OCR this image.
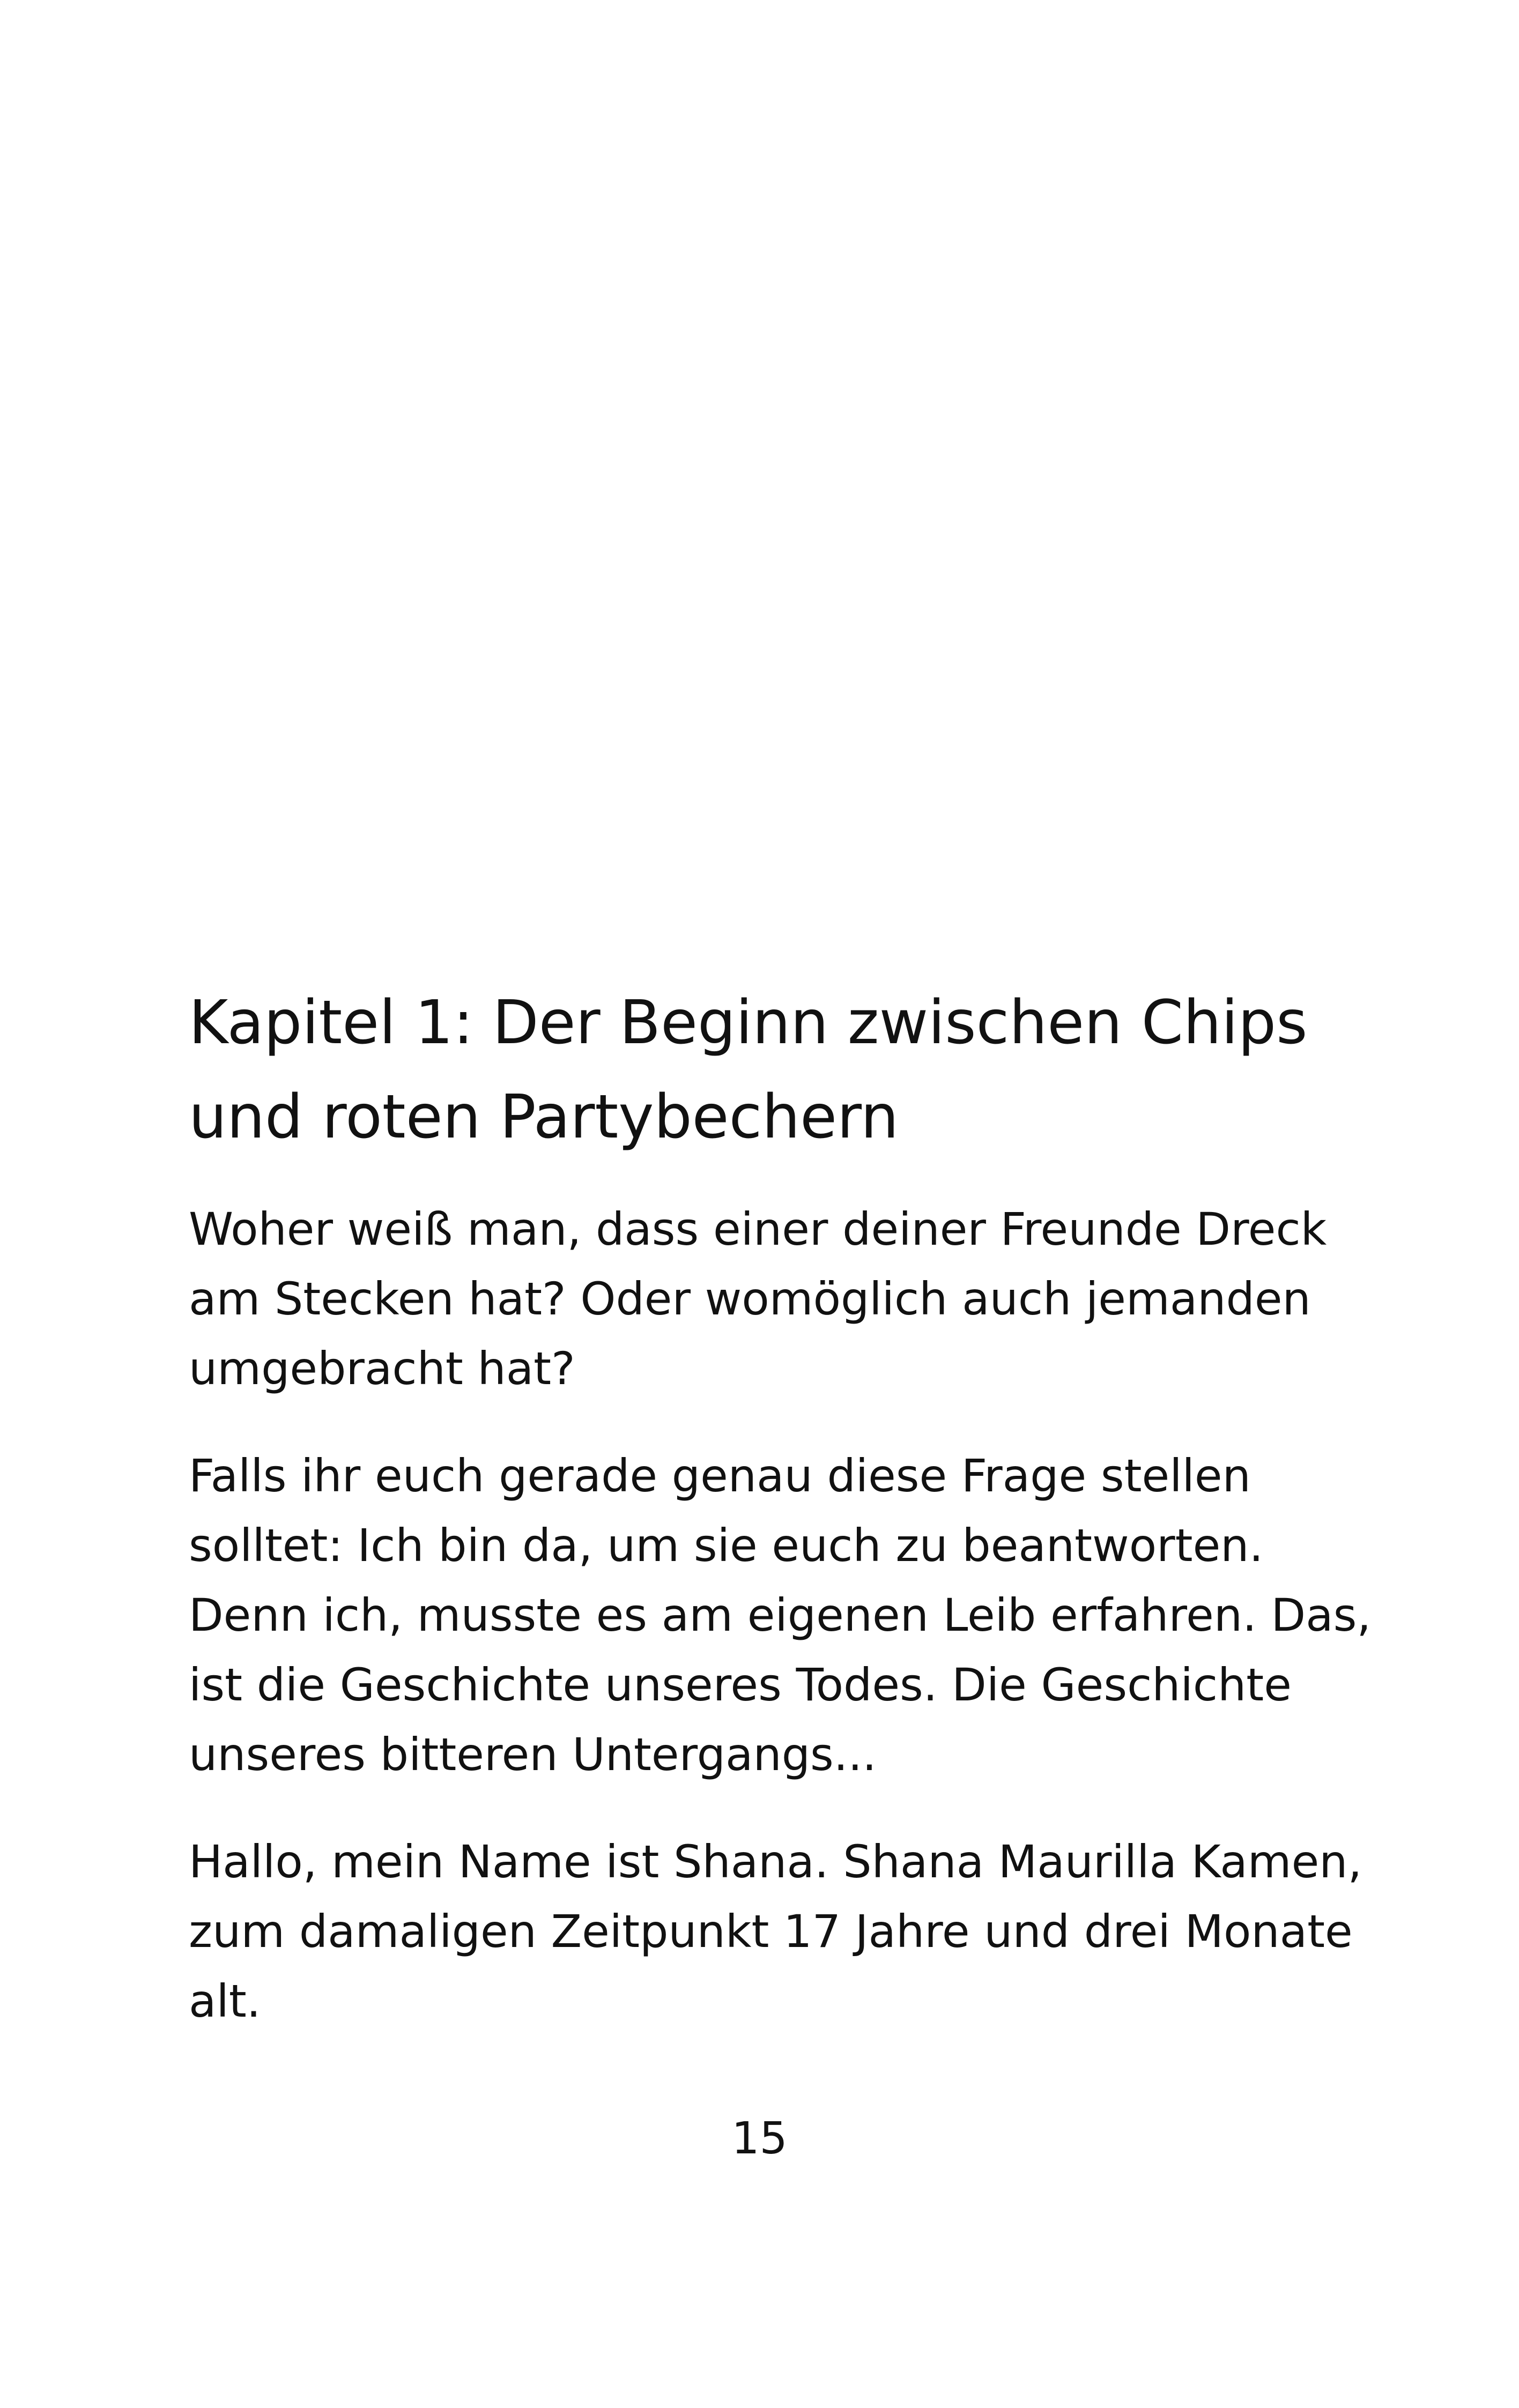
Kapitel 1: Der Beginn zwischen Chips
und roten Partybechern

Woher weiß man, dass einer deiner Freunde Dreck
am Stecken hat? Oder womöglich auch jemanden
umgebracht hat?

Falls ihr euch gerade genau diese Frage stellen
solltet: Ich bin da, um sie euch zu beantworten.
Denn ich, musste es am eigenen Leib erfahren. Das,
ist die Geschichte unseres Todes. Die Geschichte
unseres bitteren Untergangs...

Hallo, mein Name ist Shana. Shana Maurilla Kamen,
zum damaligen Zeitpunkt 17 Jahre und drei Monate
alt.

15
